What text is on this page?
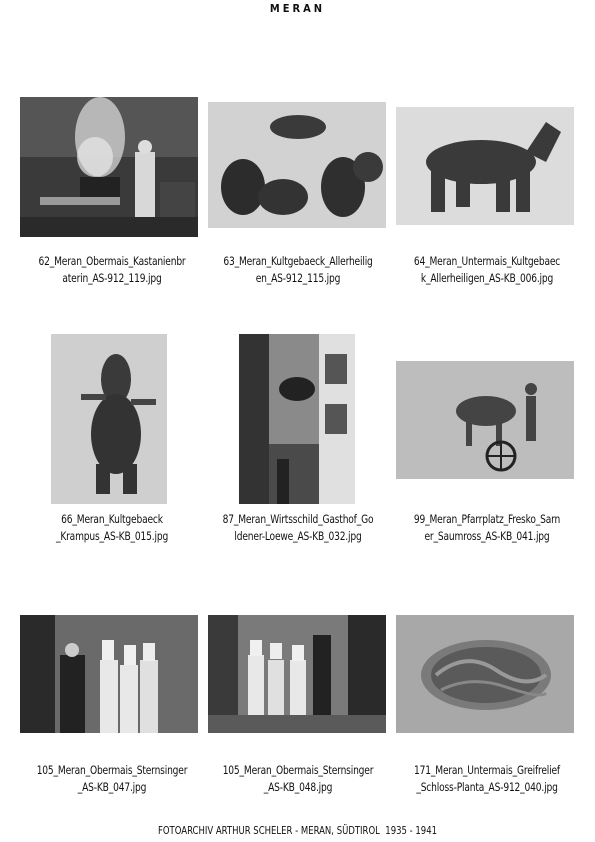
MERAN
62_Meran_Obermais_Kastanienbr
aterin_AS-912_119.jpg
63_Meran_Kultgebaeck_Allerheilig
en_AS-912_115.jpg
64_Meran_Untermais_Kultgebaec
k_Allerheiligen_AS-KB_006.jpg
66_Meran_Kultgebaeck
_Krampus_AS-KB_015.jpg
87_Meran_Wirtsschild_Gasthof_Go
ldener-Loewe_AS-KB_032.jpg
99_Meran_Pfarrplatz_Fresko_Sarn
er_Saumross_AS-KB_041.jpg
105_Meran_Obermais_Sternsinger
_AS-KB_047.jpg
105_Meran_Obermais_Sternsinger
_AS-KB_048.jpg
171_Meran_Untermais_Greifrelief
_Schloss-Planta_AS-912_040.jpg
FOTOARCHIV ARTHUR SCHELER - MERAN, SÜDTIROL 1935 - 1941
